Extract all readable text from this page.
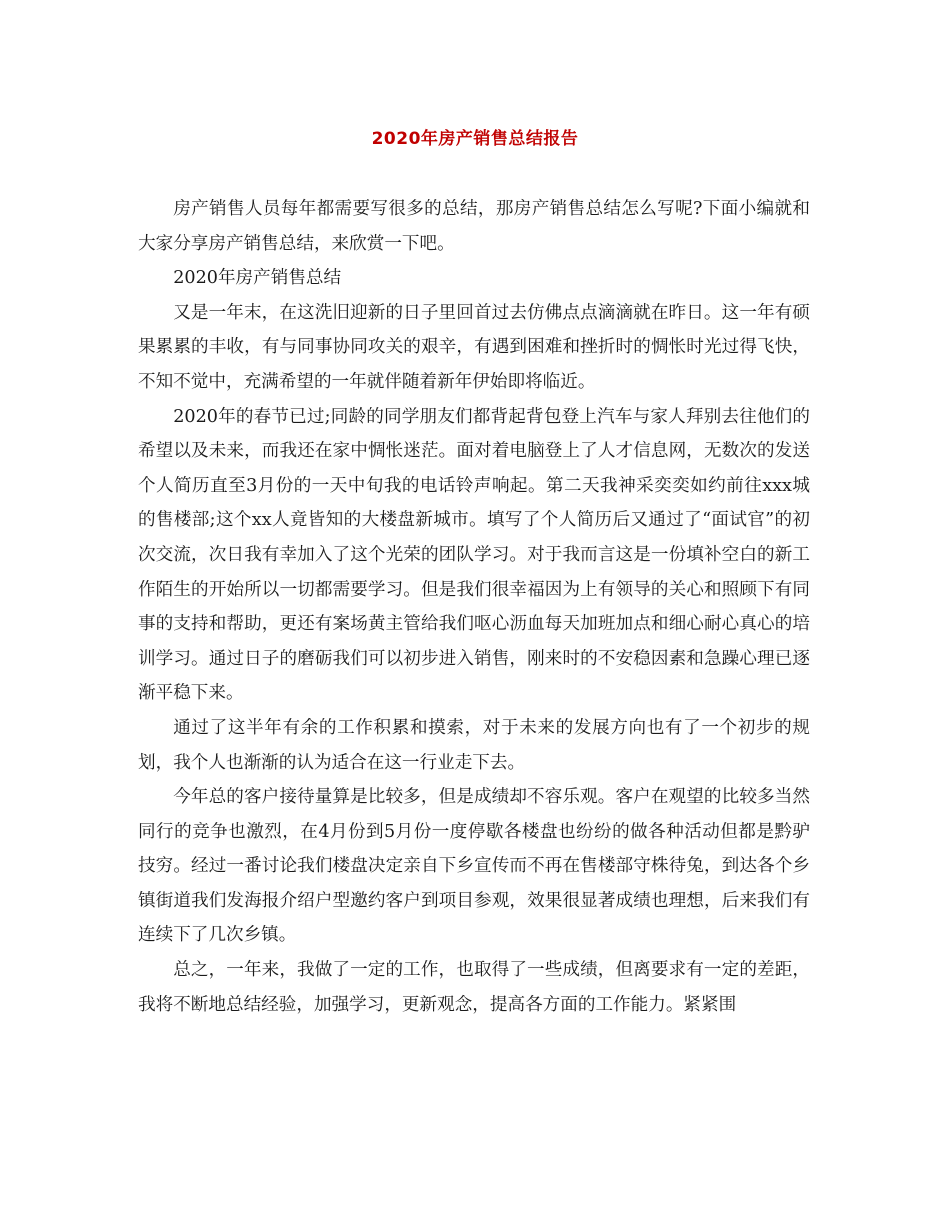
2020年房产销售总结报告

房产销售人员每年都需要写很多的总结，那房产销售总结怎么写呢?下面小编就和大家分享房产销售总结，来欣赏一下吧。

2020年房产销售总结

又是一年末，在这洗旧迎新的日子里回首过去仿佛点点滴滴就在昨日。这一年有硕果累累的丰收，有与同事协同攻关的艰辛，有遇到困难和挫折时的惆怅时光过得飞快，不知不觉中，充满希望的一年就伴随着新年伊始即将临近。

2020年的春节已过;同龄的同学朋友们都背起背包登上汽车与家人拜别去往他们的希望以及未来，而我还在家中惆怅迷茫。面对着电脑登上了人才信息网，无数次的发送个人简历直至3月份的一天中旬我的电话铃声响起。第二天我神采奕奕如约前往xxx城的售楼部;这个xx人竟皆知的大楼盘新城市。填写了个人简历后又通过了“面试官”的初次交流，次日我有幸加入了这个光荣的团队学习。对于我而言这是一份填补空白的新工作陌生的开始所以一切都需要学习。但是我们很幸福因为上有领导的关心和照顾下有同事的支持和帮助，更还有案场黄主管给我们呕心沥血每天加班加点和细心耐心真心的培训学习。通过日子的磨砺我们可以初步进入销售，刚来时的不安稳因素和急躁心理已逐渐平稳下来。

通过了这半年有余的工作积累和摸索，对于未来的发展方向也有了一个初步的规划，我个人也渐渐的认为适合在这一行业走下去。

今年总的客户接待量算是比较多，但是成绩却不容乐观。客户在观望的比较多当然同行的竞争也激烈，在4月份到5月份一度停歇各楼盘也纷纷的做各种活动但都是黔驴技穷。经过一番讨论我们楼盘决定亲自下乡宣传而不再在售楼部守株待兔，到达各个乡镇街道我们发海报介绍户型邀约客户到项目参观，效果很显著成绩也理想，后来我们有连续下了几次乡镇。

总之，一年来，我做了一定的工作，也取得了一些成绩，但离要求有一定的差距，我将不断地总结经验，加强学习，更新观念，提高各方面的工作能力。紧紧围
